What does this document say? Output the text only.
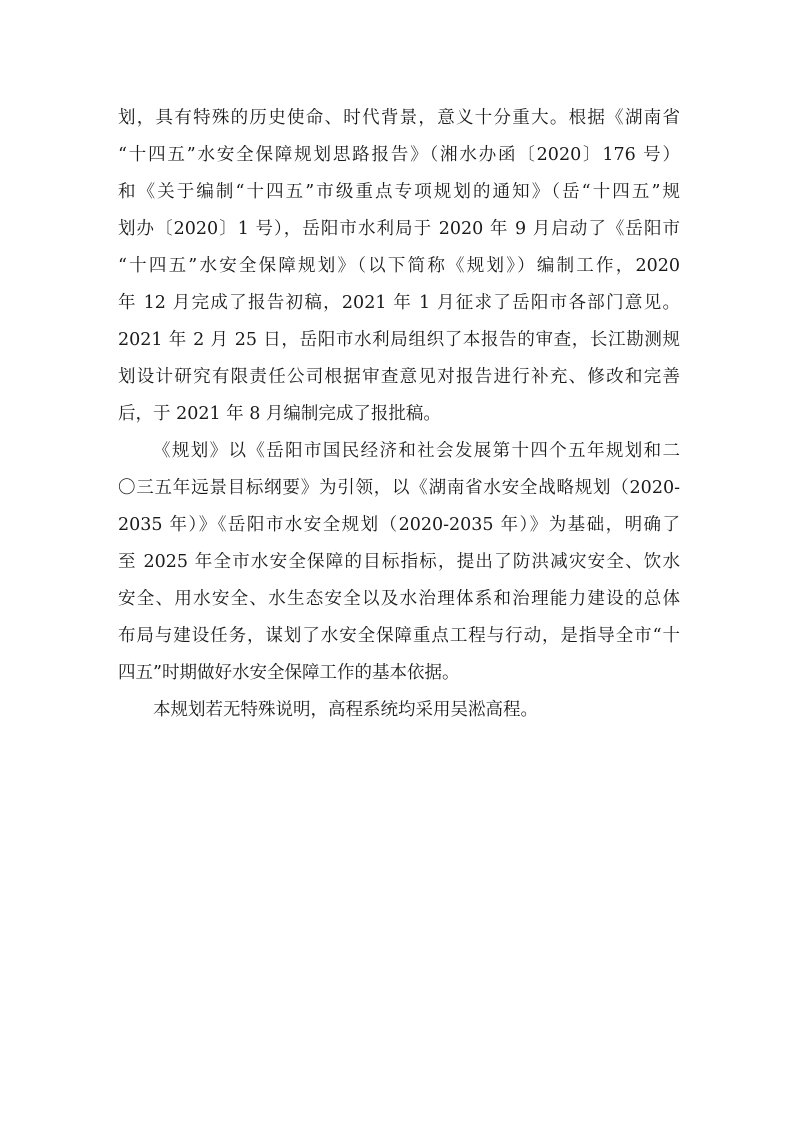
划，具有特殊的历史使命、时代背景，意义十分重大。根据《湖南省
“十四五”水安全保障规划思路报告》（湘水办函〔2020〕176 号）
和《关于编制“十四五”市级重点专项规划的通知》（岳“十四五”规
划办〔2020〕1 号），岳阳市水利局于 2020 年 9 月启动了《岳阳市
“十四五”水安全保障规划》（以下简称《规划》）编制工作，2020
年 12 月完成了报告初稿，2021 年 1 月征求了岳阳市各部门意见。
2021 年 2 月 25 日，岳阳市水利局组织了本报告的审查，长江勘测规
划设计研究有限责任公司根据审查意见对报告进行补充、修改和完善
后，于 2021 年 8 月编制完成了报批稿。
《规划》以《岳阳市国民经济和社会发展第十四个五年规划和二
〇三五年远景目标纲要》为引领，以《湖南省水安全战略规划（2020-
2035 年）》《岳阳市水安全规划（2020-2035 年）》为基础，明确了
至 2025 年全市水安全保障的目标指标，提出了防洪减灾安全、饮水
安全、用水安全、水生态安全以及水治理体系和治理能力建设的总体
布局与建设任务，谋划了水安全保障重点工程与行动，是指导全市“十
四五”时期做好水安全保障工作的基本依据。
本规划若无特殊说明，高程系统均采用吴淞高程。
